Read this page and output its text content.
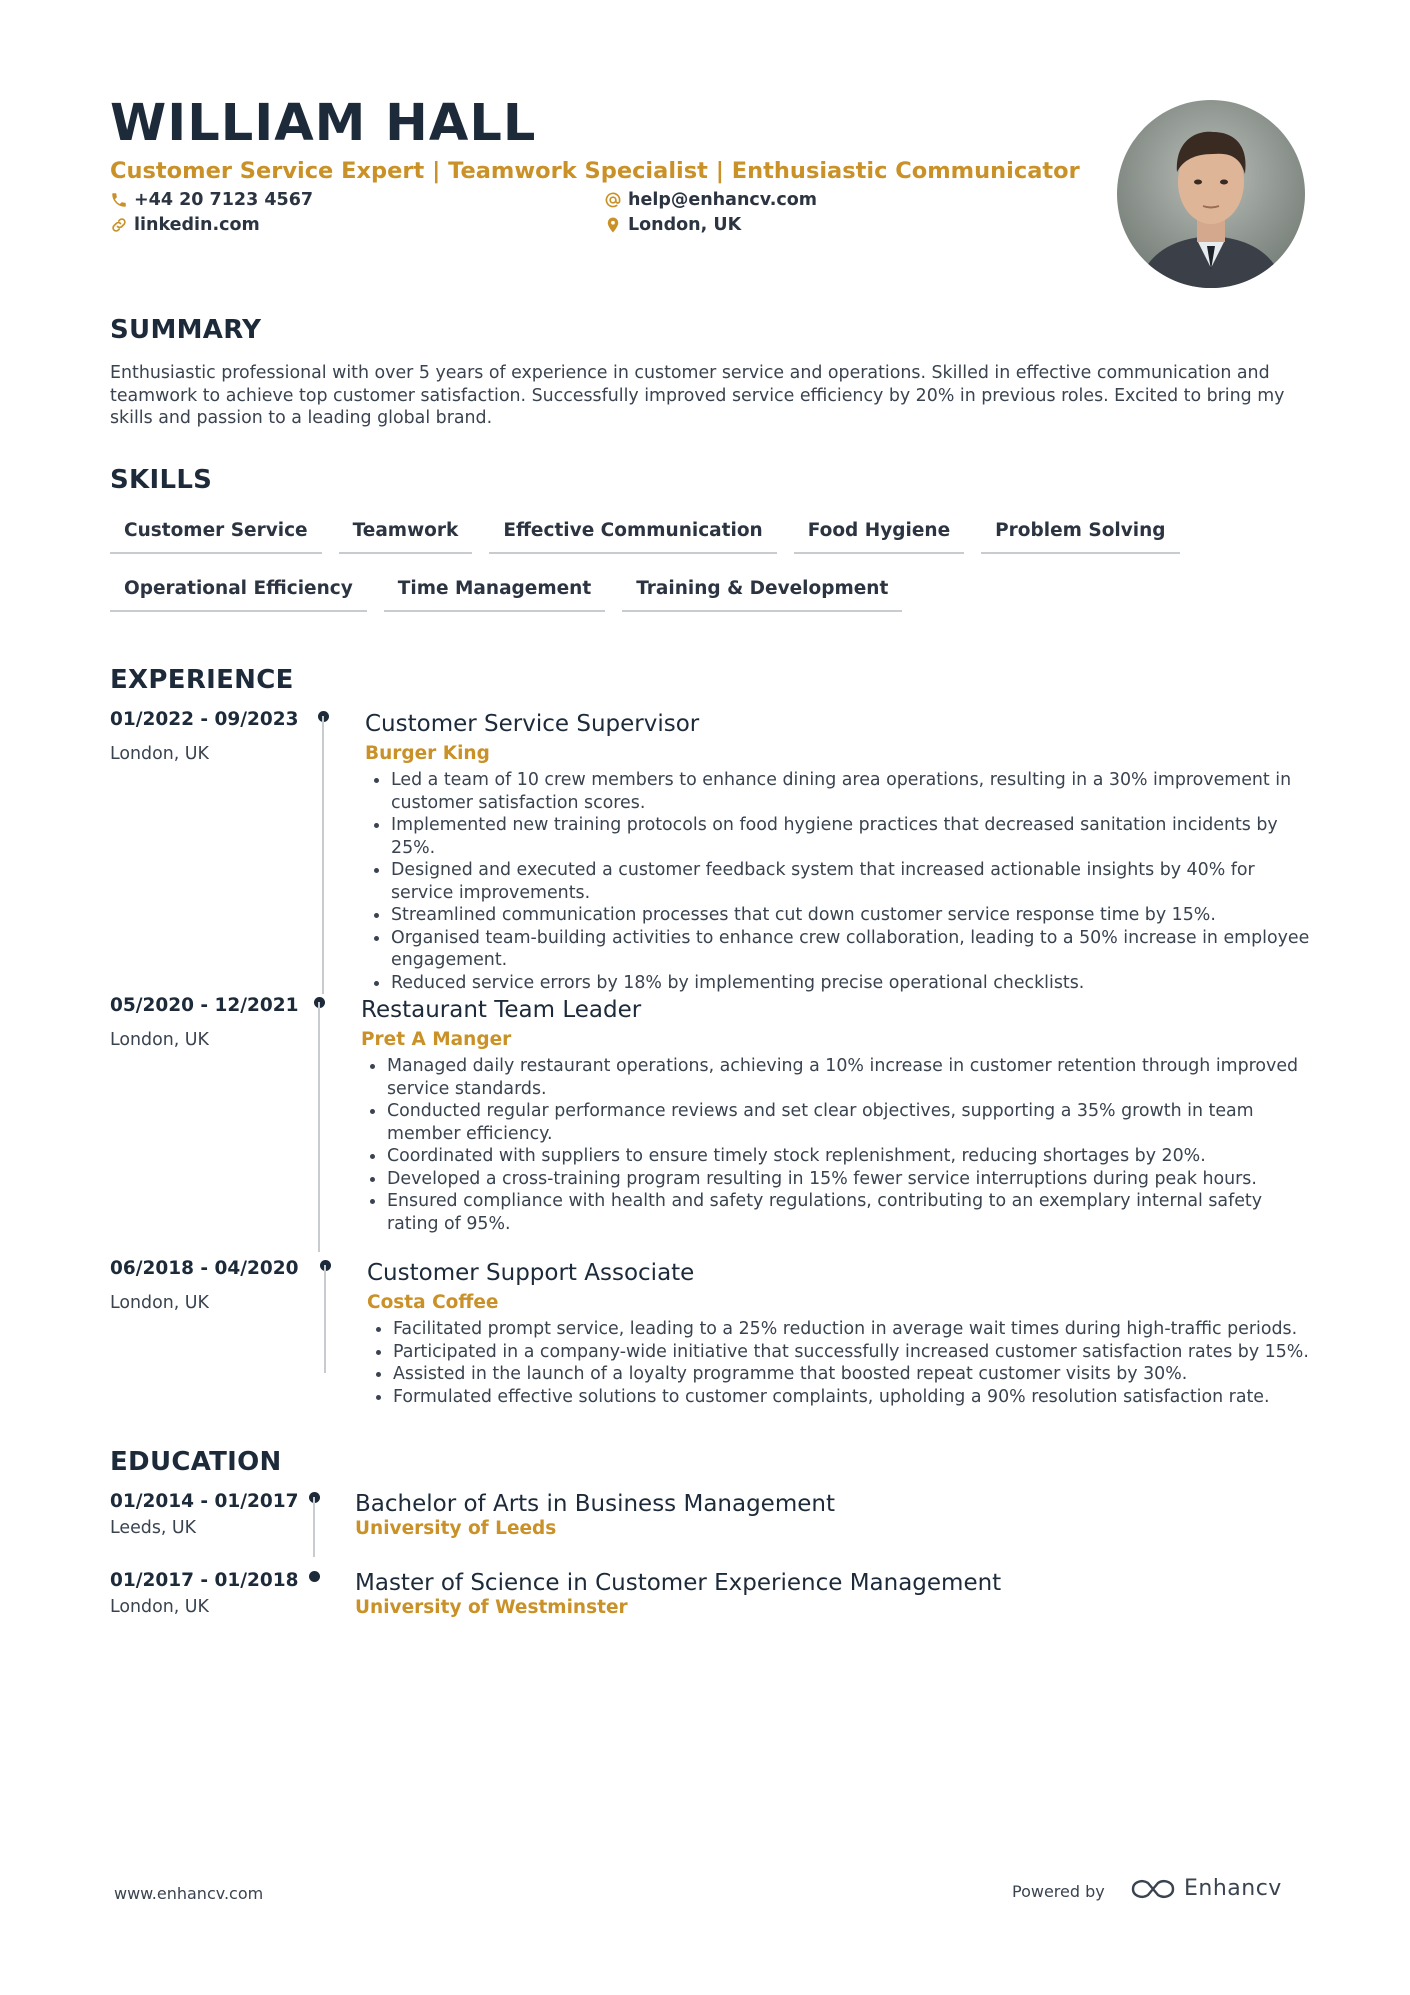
WILLIAM HALL
Customer Service Expert | Teamwork Specialist | Enthusiastic Communicator
+44 20 7123 4567
linkedin.com
help@enhancv.com
London, UK
SUMMARY
Enthusiastic professional with over 5 years of experience in customer service and operations. Skilled in effective communication and teamwork to achieve top customer satisfaction. Successfully improved service efficiency by 20% in previous roles. Excited to bring my skills and passion to a leading global brand.
SKILLS
Customer Service	Teamwork	Effective Communication	Food Hygiene	Problem Solving
Operational Efficiency	Time Management	Training & Development
EXPERIENCE
01/2022 - 09/2023
London, UK
Customer Service Supervisor
Burger King
Led a team of 10 crew members to enhance dining area operations, resulting in a 30% improvement in customer satisfaction scores.
Implemented new training protocols on food hygiene practices that decreased sanitation incidents by 25%.
Designed and executed a customer feedback system that increased actionable insights by 40% for service improvements.
Streamlined communication processes that cut down customer service response time by 15%.
Organised team-building activities to enhance crew collaboration, leading to a 50% increase in employee engagement.
Reduced service errors by 18% by implementing precise operational checklists.
05/2020 - 12/2021
London, UK
Restaurant Team Leader
Pret A Manger
Managed daily restaurant operations, achieving a 10% increase in customer retention through improved service standards.
Conducted regular performance reviews and set clear objectives, supporting a 35% growth in team member efficiency.
Coordinated with suppliers to ensure timely stock replenishment, reducing shortages by 20%.
Developed a cross-training program resulting in 15% fewer service interruptions during peak hours.
Ensured compliance with health and safety regulations, contributing to an exemplary internal safety rating of 95%.
06/2018 - 04/2020
London, UK
Customer Support Associate
Costa Coffee
Facilitated prompt service, leading to a 25% reduction in average wait times during high-traffic periods.
Participated in a company-wide initiative that successfully increased customer satisfaction rates by 15%.
Assisted in the launch of a loyalty programme that boosted repeat customer visits by 30%.
Formulated effective solutions to customer complaints, upholding a 90% resolution satisfaction rate.
EDUCATION
01/2014 - 01/2017
Leeds, UK
Bachelor of Arts in Business Management
University of Leeds
01/2017 - 01/2018
London, UK
Master of Science in Customer Experience Management
University of Westminster
www.enhancv.com	Powered by	Enhancv
